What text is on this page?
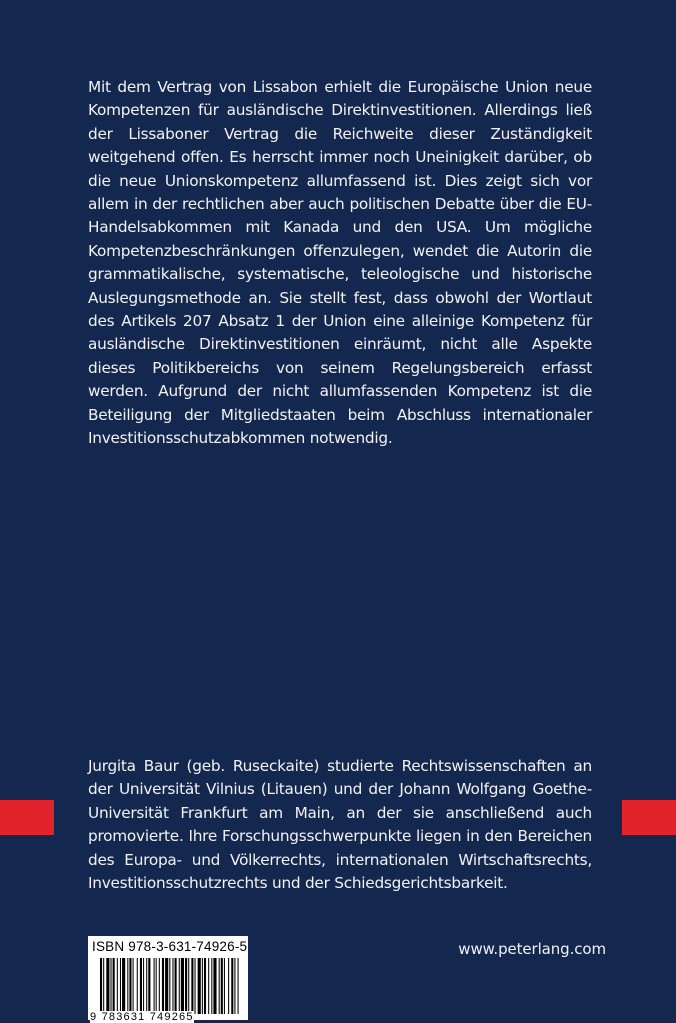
Mit dem Vertrag von Lissabon erhielt die Europäische Union neue Kompetenzen für ausländische Direktinvestitionen. Allerdings ließ der Lissaboner Vertrag die Reichweite dieser Zuständigkeit weitgehend offen. Es herrscht immer noch Uneinigkeit darüber, ob die neue Unionskompetenz allumfassend ist. Dies zeigt sich vor allem in der rechtlichen aber auch politischen Debatte über die EU-Handelsabkommen mit Kanada und den USA. Um mögliche Kompetenzbeschränkungen offenzulegen, wendet die Autorin die grammatikalische, systematische, teleologische und historische Auslegungsmethode an. Sie stellt fest, dass obwohl der Wortlaut des Artikels 207 Absatz 1 der Union eine alleinige Kompetenz für ausländische Direktinvestitionen einräumt, nicht alle Aspekte dieses Politikbereichs von seinem Regelungsbereich erfasst werden. Aufgrund der nicht allumfassenden Kompetenz ist die Beteiligung der Mitgliedstaaten beim Abschluss internationaler Investitionsschutzabkommen notwendig.

Jurgita Baur (geb. Ruseckaite) studierte Rechtswissenschaften an der Universität Vilnius (Litauen) und der Johann Wolfgang Goethe-Universität Frankfurt am Main, an der sie anschließend auch promovierte. Ihre Forschungsschwerpunkte liegen in den Bereichen des Europa- und Völkerrechts, internationalen Wirtschaftsrechts, Investitionsschutzrechts und der Schiedsgerichtsbarkeit.

ISBN 978-3-631-74926-5
9 783631 749265
www.peterlang.com
